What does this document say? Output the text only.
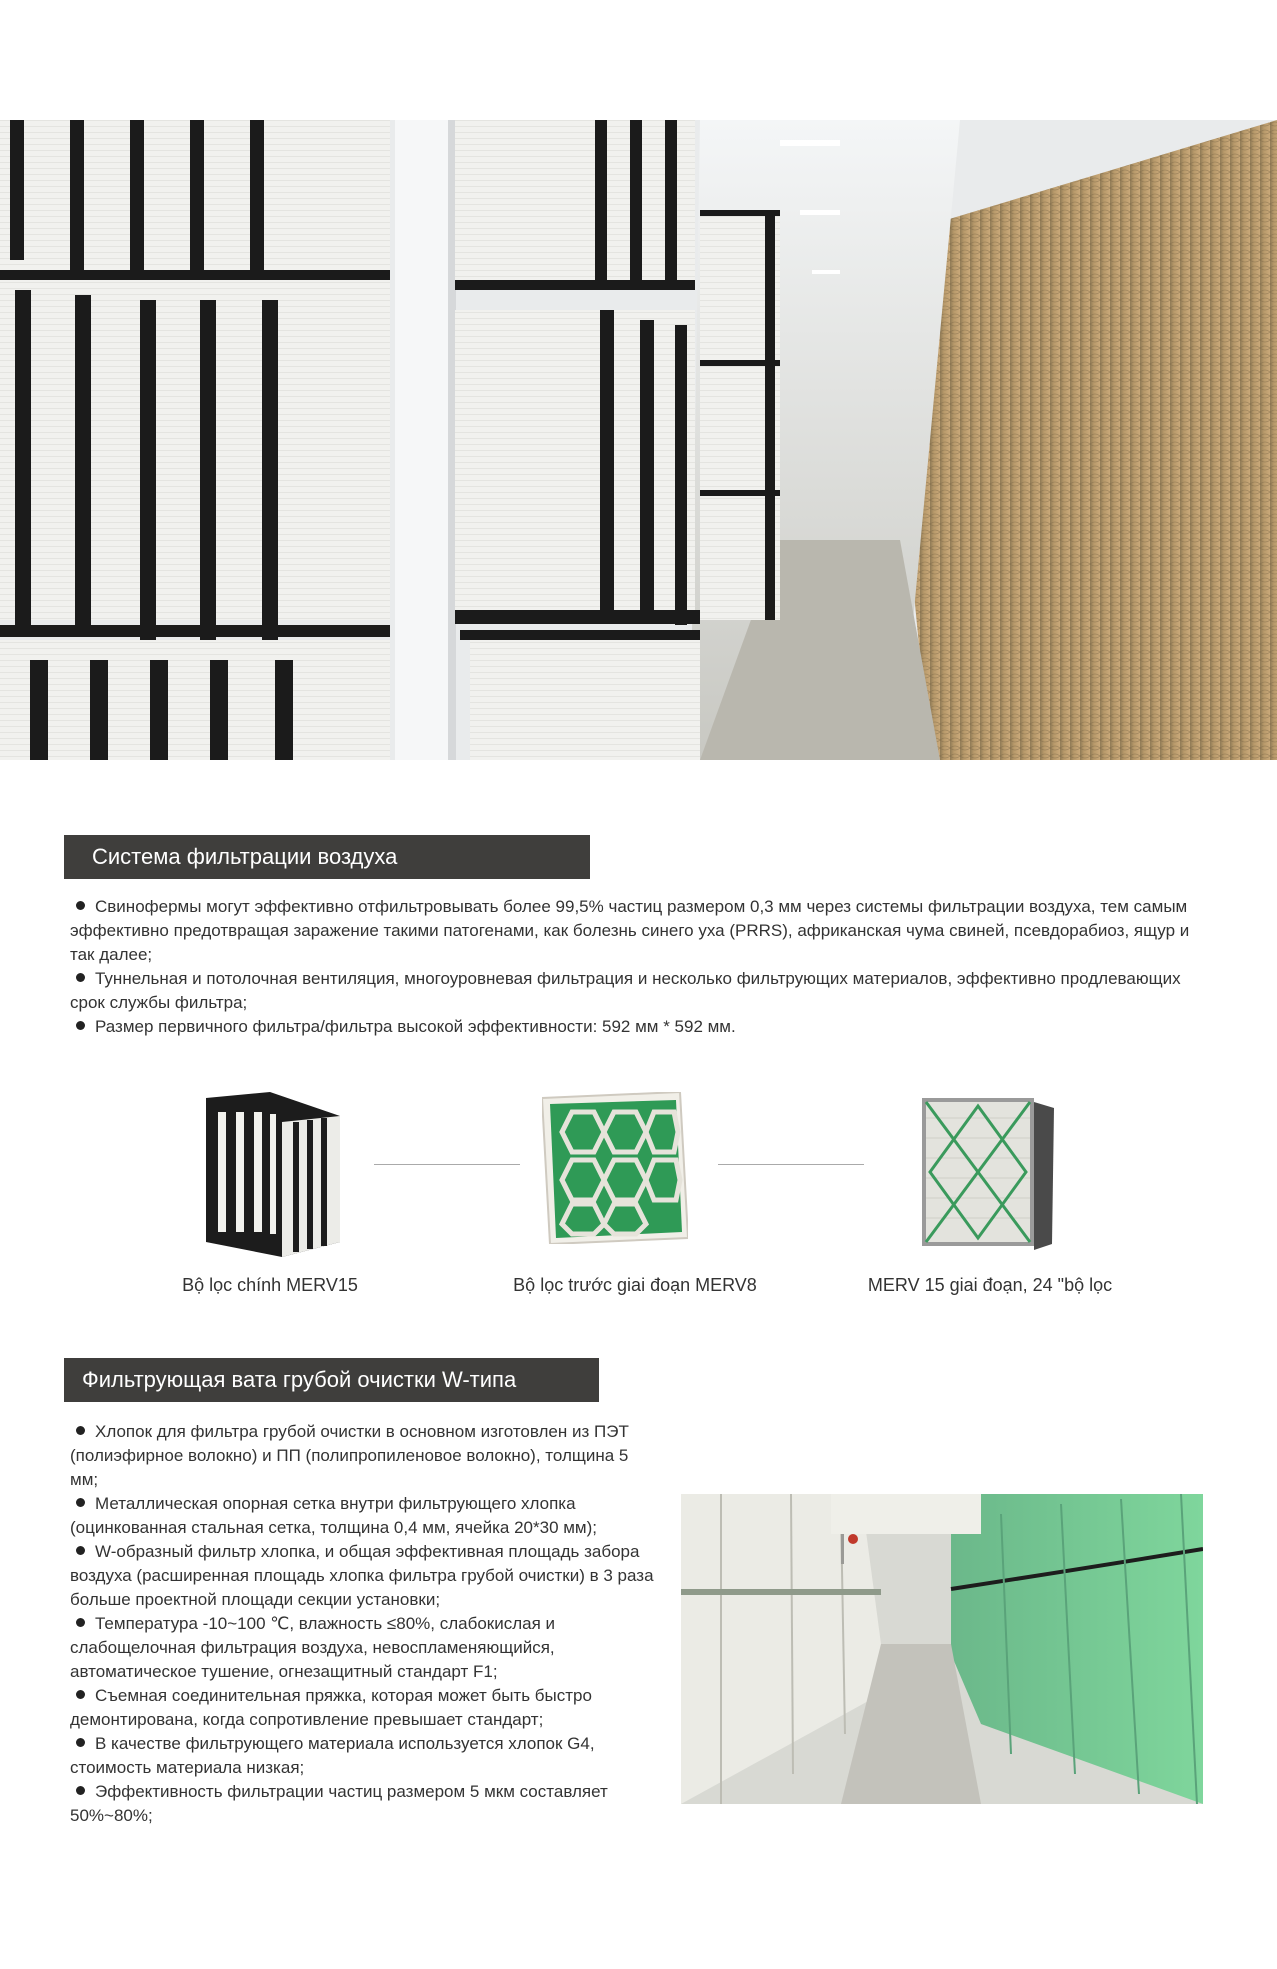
Система фильтрации воздуха
Свинофермы могут эффективно отфильтровывать более 99,5% частиц размером 0,3 мм через системы фильтрации воздуха, тем самым эффективно предотвращая заражение такими патогенами, как болезнь синего уха (PRRS), африканская чума свиней, псевдорабиоз, ящур и так далее;
Туннельная и потолочная вентиляция, многоуровневая фильтрация и несколько фильтрующих материалов, эффективно продлевающих срок службы фильтра;
Размер первичного фильтра/фильтра высокой эффективности: 592 мм * 592 мм.
Bộ lọc chính MERV15	Bộ lọc trước giai đoạn MERV8	MERV 15 giai đoạn, 24 "bộ lọc
Фильтрующая вата грубой очистки W-типа
Хлопок для фильтра грубой очистки в основном изготовлен из ПЭТ (полиэфирное волокно) и ПП (полипропиленовое волокно), толщина 5 мм;
Металлическая опорная сетка внутри фильтрующего хлопка (оцинкованная стальная сетка, толщина 0,4 мм, ячейка 20*30 мм);
W-образный фильтр хлопка, и общая эффективная площадь забора воздуха (расширенная площадь хлопка фильтра грубой очистки) в 3 раза больше проектной площади секции установки;
Температура -10~100 ℃, влажность ≤80%, слабокислая и слабощелочная фильтрация воздуха, невоспламеняющийся, автоматическое тушение, огнезащитный стандарт F1;
Съемная соединительная пряжка, которая может быть быстро демонтирована, когда сопротивление превышает стандарт;
В качестве фильтрующего материала используется хлопок G4, стоимость материала низкая;
Эффективность фильтрации частиц размером 5 мкм составляет 50%~80%;
